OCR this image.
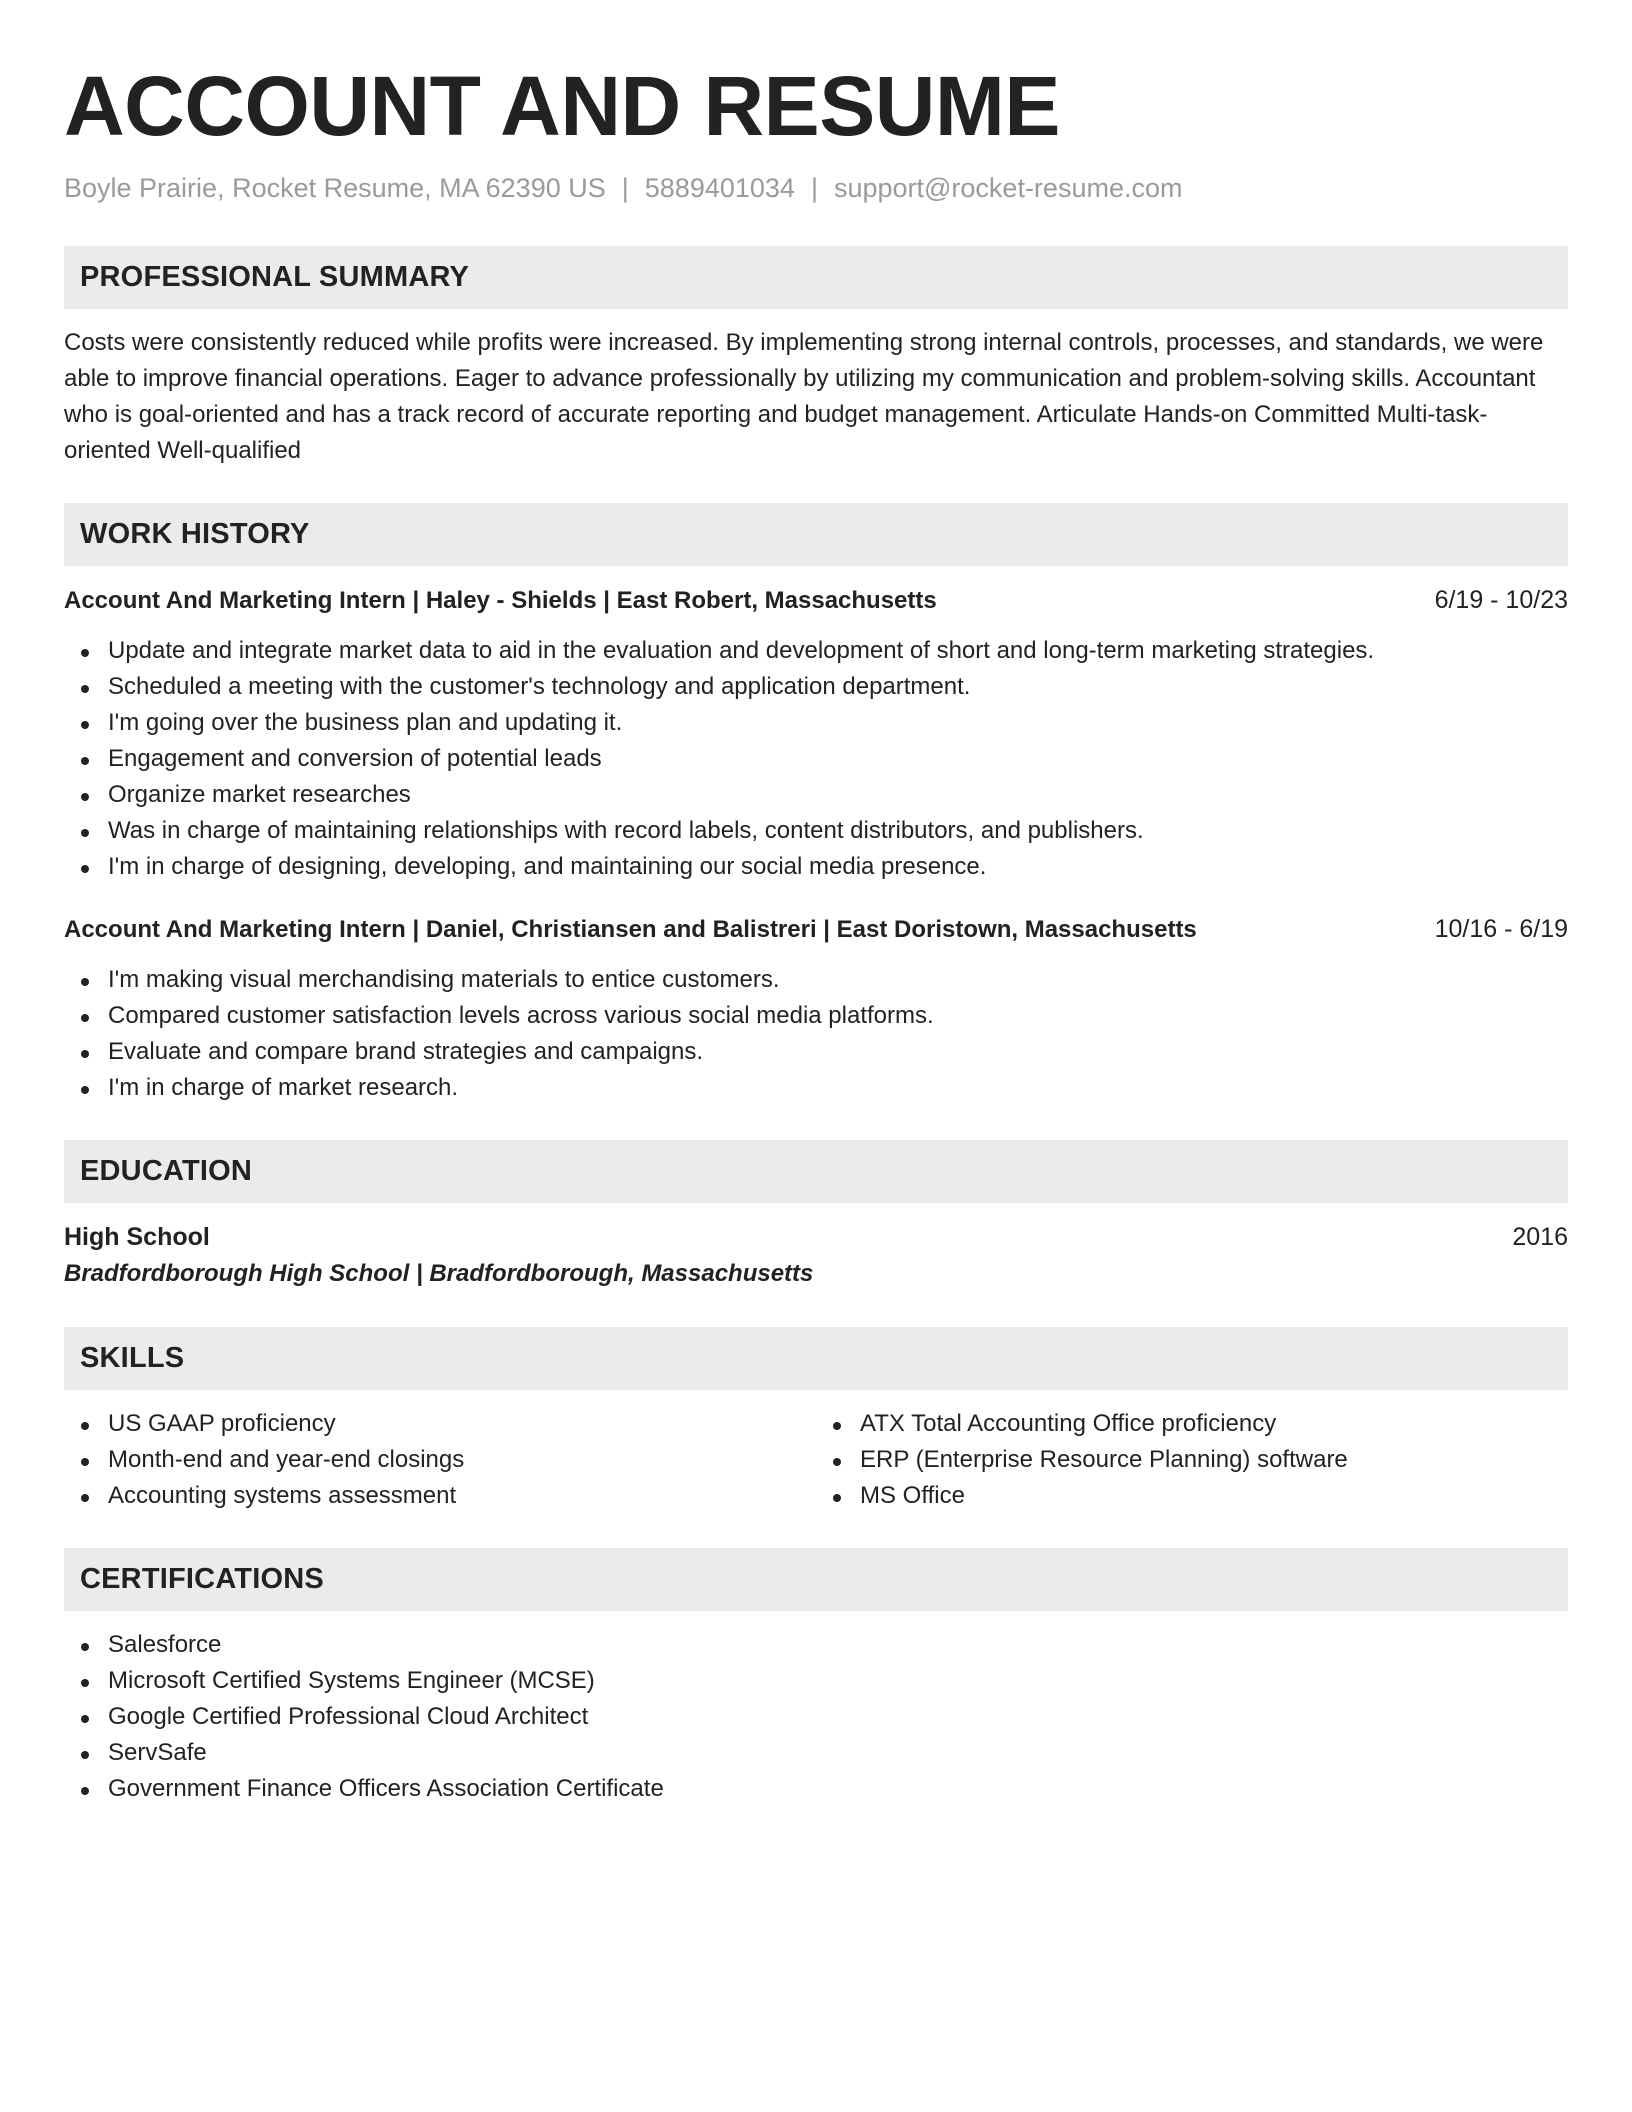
ACCOUNT AND RESUME
Boyle Prairie, Rocket Resume, MA 62390 US | 5889401034 | support@rocket-resume.com
PROFESSIONAL SUMMARY
Costs were consistently reduced while profits were increased. By implementing strong internal controls, processes, and standards, we were able to improve financial operations. Eager to advance professionally by utilizing my communication and problem-solving skills. Accountant who is goal-oriented and has a track record of accurate reporting and budget management. Articulate Hands-on Committed Multi-task-oriented Well-qualified
WORK HISTORY
Account And Marketing Intern | Haley - Shields | East Robert, Massachusetts	6/19 - 10/23
Update and integrate market data to aid in the evaluation and development of short and long-term marketing strategies.
Scheduled a meeting with the customer's technology and application department.
I'm going over the business plan and updating it.
Engagement and conversion of potential leads
Organize market researches
Was in charge of maintaining relationships with record labels, content distributors, and publishers.
I'm in charge of designing, developing, and maintaining our social media presence.
Account And Marketing Intern | Daniel, Christiansen and Balistreri | East Doristown, Massachusetts	10/16 - 6/19
I'm making visual merchandising materials to entice customers.
Compared customer satisfaction levels across various social media platforms.
Evaluate and compare brand strategies and campaigns.
I'm in charge of market research.
EDUCATION
High School	2016
Bradfordborough High School | Bradfordborough, Massachusetts
SKILLS
US GAAP proficiency
Month-end and year-end closings
Accounting systems assessment
ATX Total Accounting Office proficiency
ERP (Enterprise Resource Planning) software
MS Office
CERTIFICATIONS
Salesforce
Microsoft Certified Systems Engineer (MCSE)
Google Certified Professional Cloud Architect
ServSafe
Government Finance Officers Association Certificate
